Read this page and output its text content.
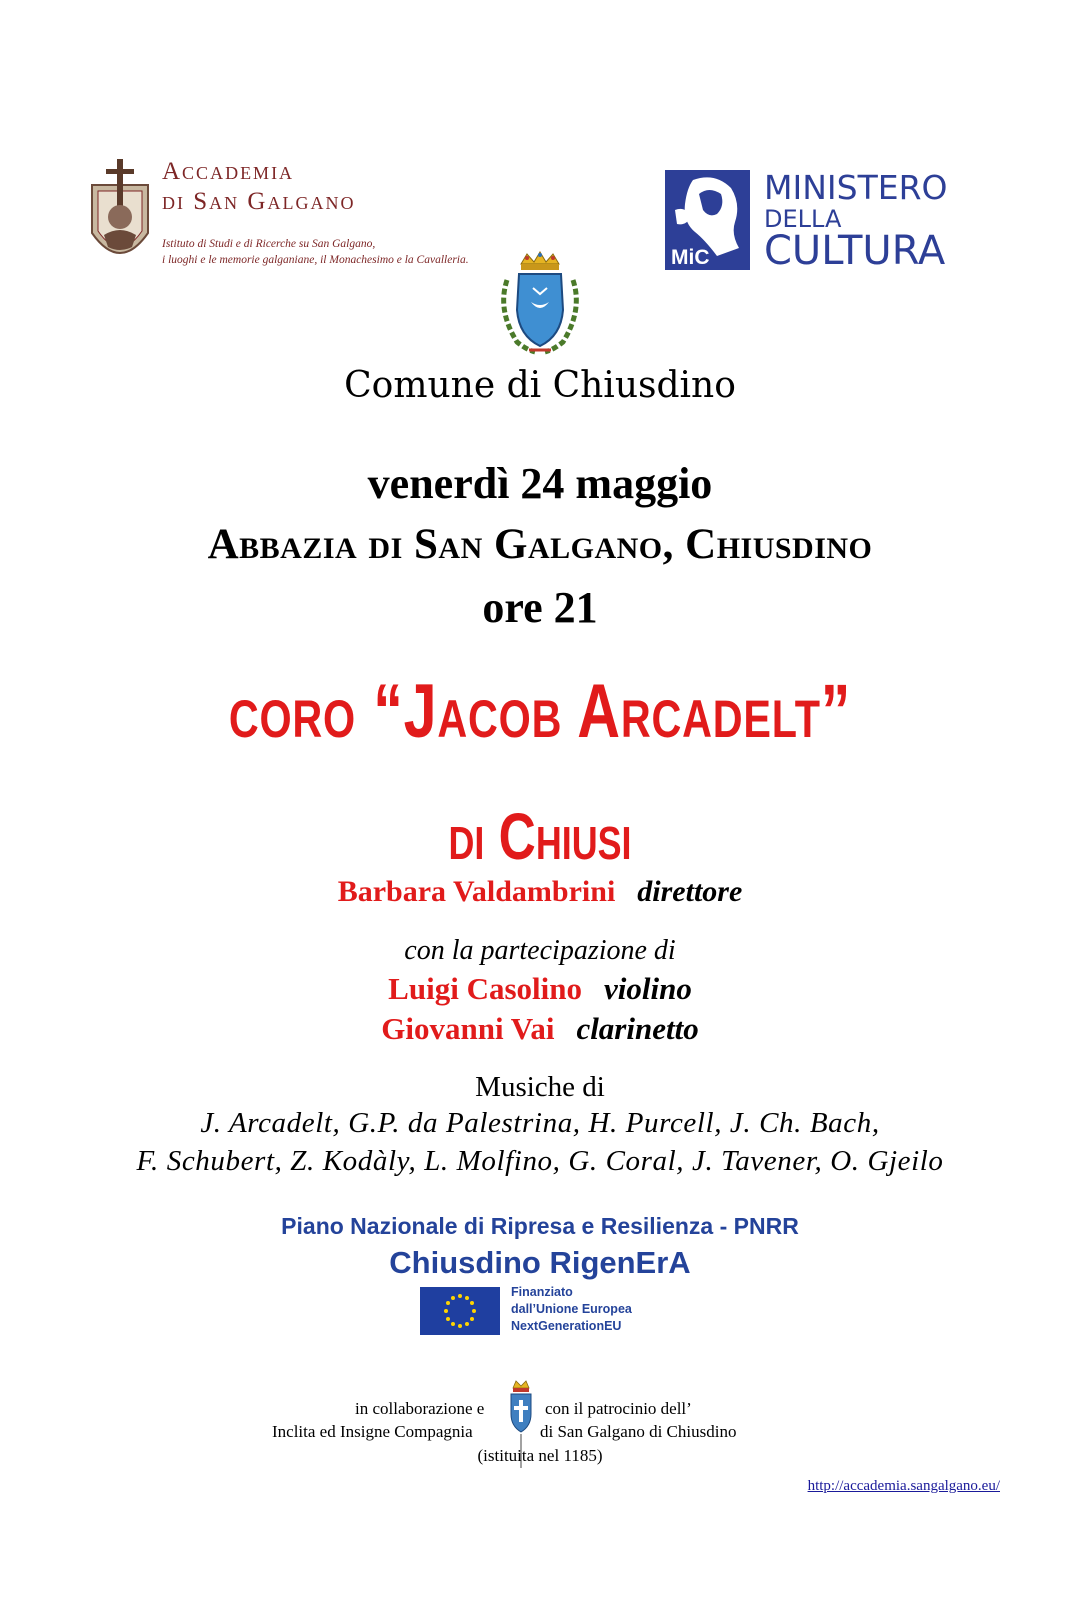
Accademia
di San Galgano
Istituto di Studi e di Ricerche su San Galgano,
i luoghi e le memorie galganiane, il Monachesimo e la Cavalleria.	MiC
MINISTERO
DELLA
CULTURA
Comune di Chiusdino
venerdì 24 maggio
Abbazia di San Galgano, Chiusdino
ore 21
coro “Jacob Arcadelt”
di Chiusi
Barbara Valdambrini direttore
con la partecipazione di
Luigi Casolino violino
Giovanni Vai clarinetto
Musiche di
J. Arcadelt, G.P. da Palestrina, H. Purcell, J. Ch. Bach,
F. Schubert, Z. Kodàly, L. Molfino, G. Coral, J. Tavener, O. Gjeilo
Piano Nazionale di Ripresa e Resilienza - PNRR
Chiusdino RigenErA
Finanziato
dall’Unione Europea
NextGenerationEU
in collaborazione e	con il patrocinio dell’
Inclita ed Insigne Compagnia	di San Galgano di Chiusdino
(istituita nel 1185)
http://accademia.sangalgano.eu/
